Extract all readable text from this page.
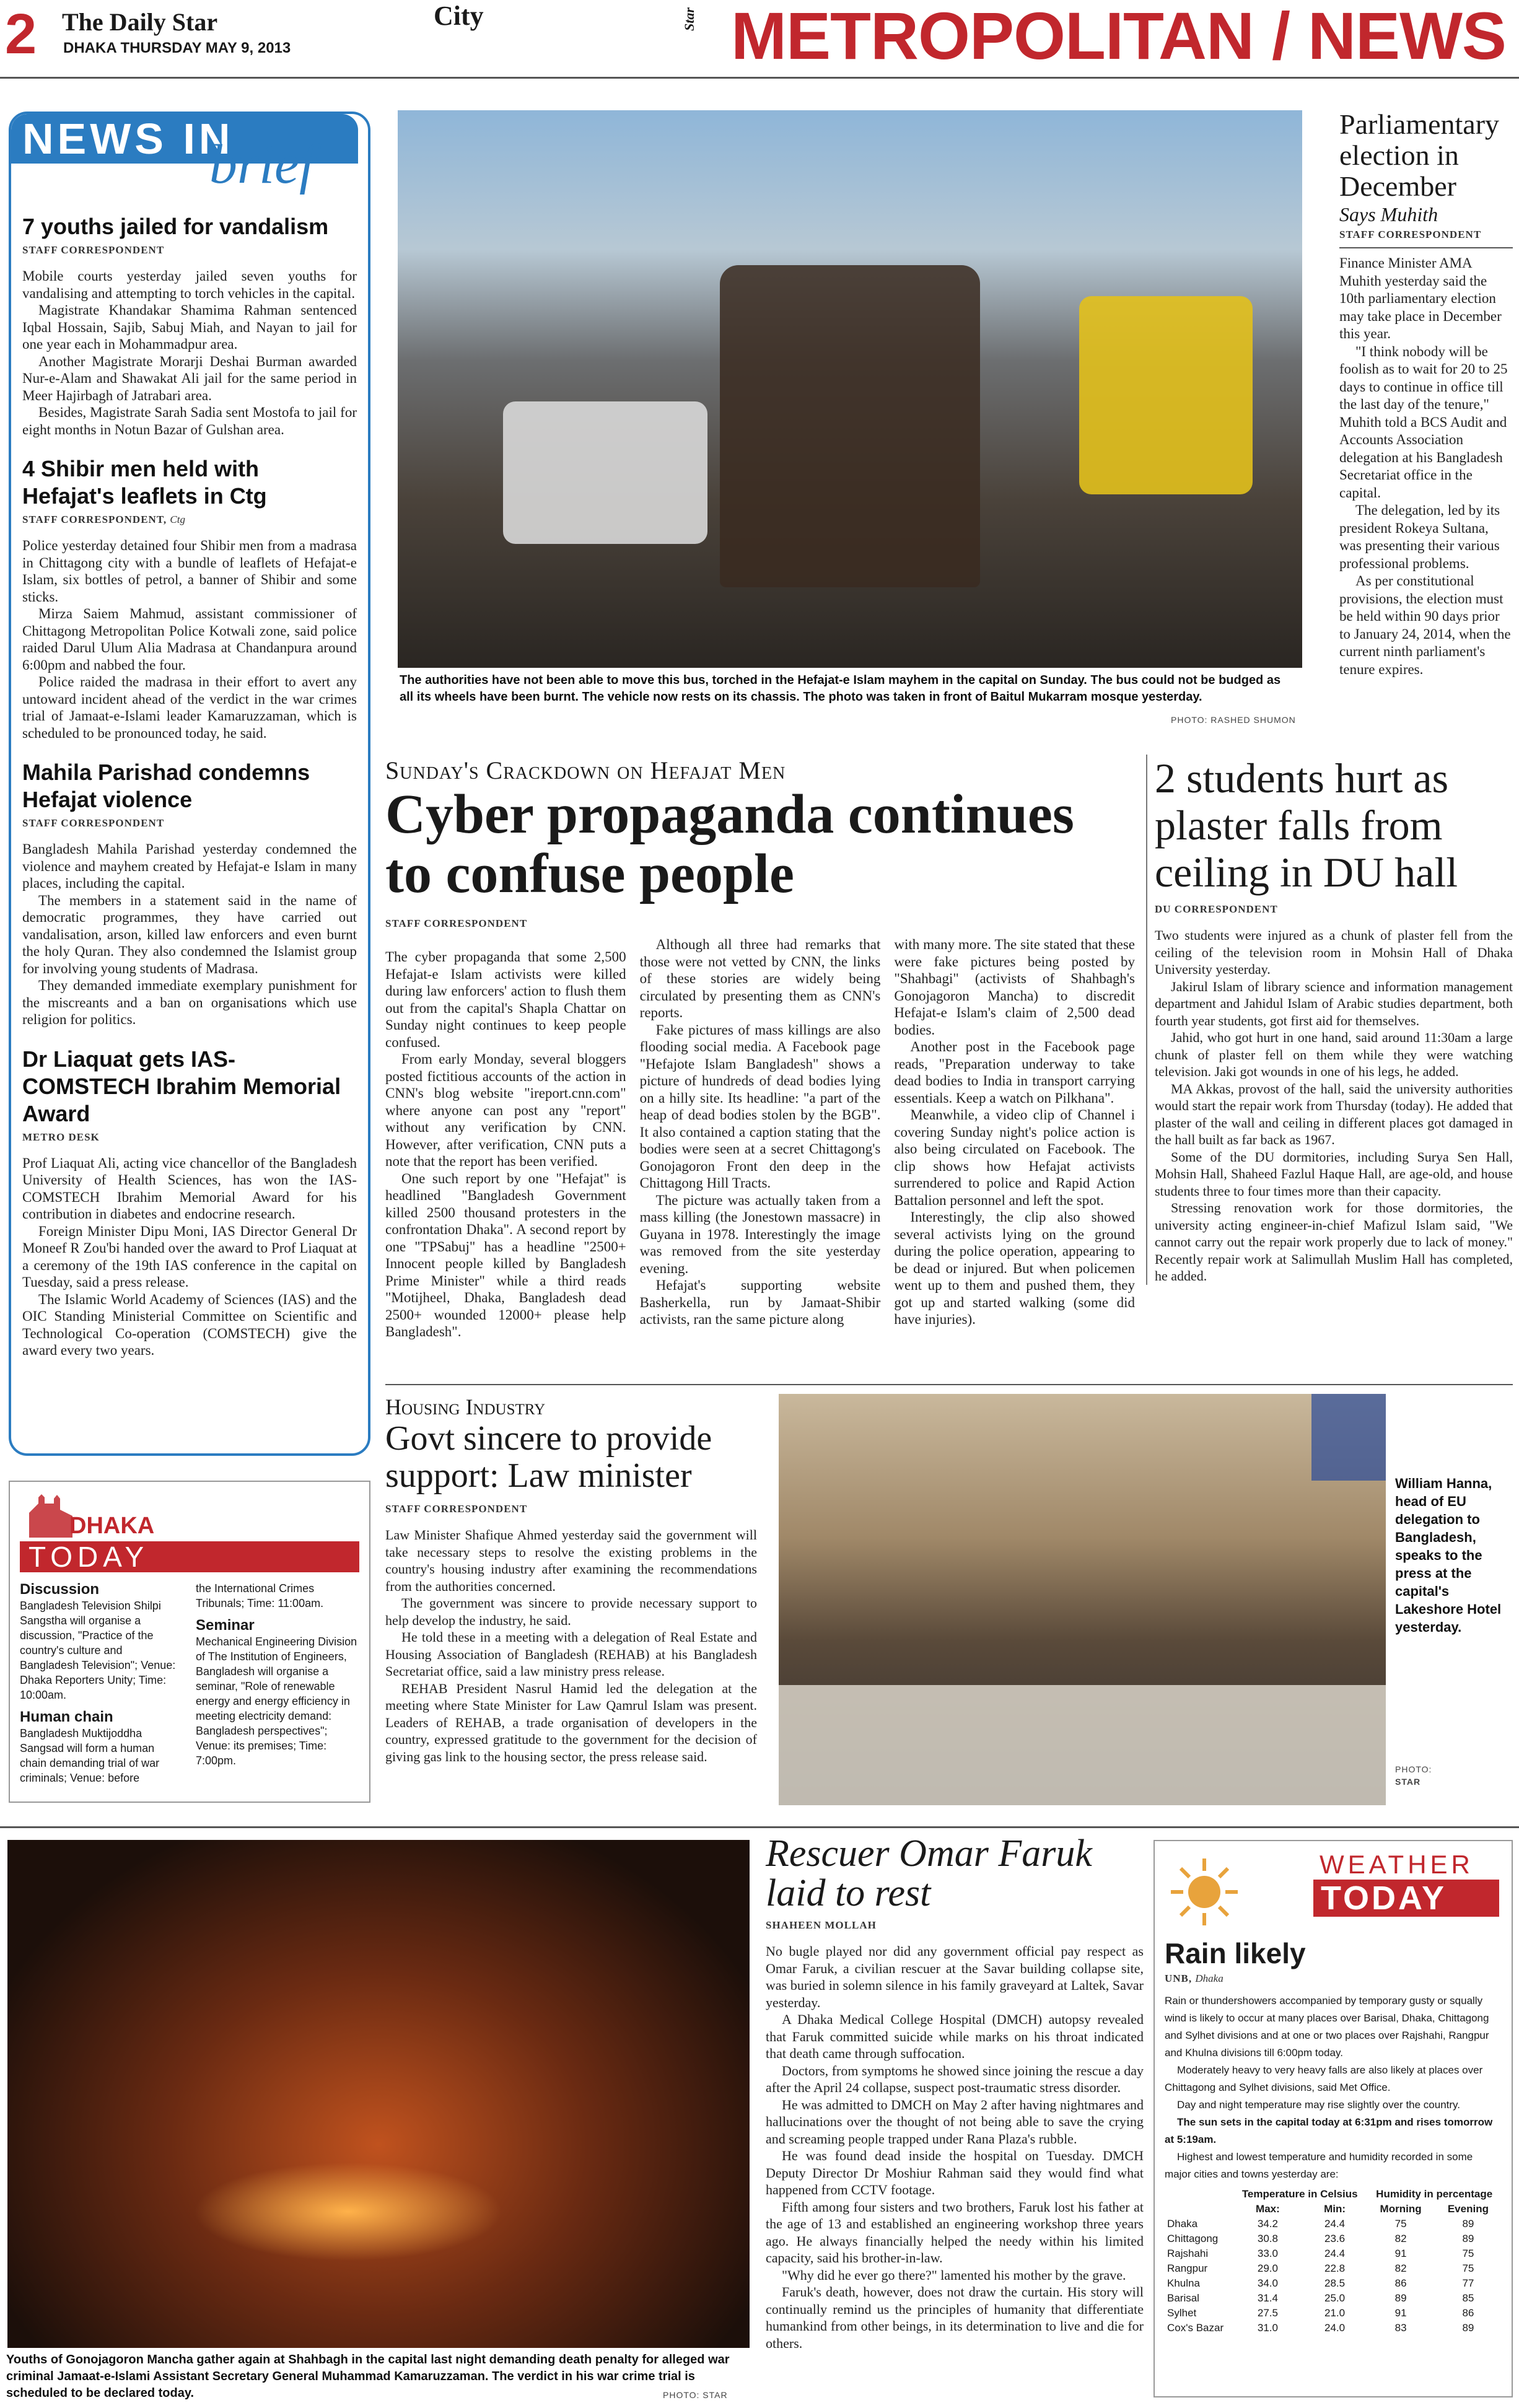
2 The Daily Star
DHAKA THURSDAY MAY 9, 2013
City	Star METROPOLITAN / NEWS
NEWS IN
brief
7 youths jailed for vandalism
STAFF CORRESPONDENT

Mobile courts yesterday jailed seven youths for vandalising and attempting to torch vehicles in the capital.

Magistrate Khandakar Shamima Rahman sentenced Iqbal Hossain, Sajib, Sabuj Miah, and Nayan to jail for one year each in Mohammadpur area.

Another Magistrate Morarji Deshai Burman awarded Nur-e-Alam and Shawakat Ali jail for the same period in Meer Hajirbagh of Jatrabari area.

Besides, Magistrate Sarah Sadia sent Mostofa to jail for eight months in Notun Bazar of Gulshan area.

4 Shibir men held with Hefajat's leaflets in Ctg
STAFF CORRESPONDENT, Ctg

Police yesterday detained four Shibir men from a madrasa in Chittagong city with a bundle of leaflets of Hefajat-e Islam, six bottles of petrol, a banner of Shibir and some sticks.

Mirza Saiem Mahmud, assistant commissioner of Chittagong Metropolitan Police Kotwali zone, said police raided Darul Ulum Alia Madrasa at Chandanpura around 6:00pm and nabbed the four.

Police raided the madrasa in their effort to avert any untoward incident ahead of the verdict in the war crimes trial of Jamaat-e-Islami leader Kamaruzzaman, which is scheduled to be pronounced today, he said.

Mahila Parishad condemns Hefajat violence
STAFF CORRESPONDENT

Bangladesh Mahila Parishad yesterday condemned the violence and mayhem created by Hefajat-e Islam in many places, including the capital.

The members in a statement said in the name of democratic programmes, they have carried out vandalisation, arson, killed law enforcers and even burnt the holy Quran. They also condemned the Islamist group for involving young students of Madrasa.

They demanded immediate exemplary punishment for the miscreants and a ban on organisations which use religion for politics.

Dr Liaquat gets IAS-COMSTECH Ibrahim Memorial Award
METRO DESK

Prof Liaquat Ali, acting vice chancellor of the Bangladesh University of Health Sciences, has won the IAS-COMSTECH Ibrahim Memorial Award for his contribution in diabetes and endocrine research.

Foreign Minister Dipu Moni, IAS Director General Dr Moneef R Zou'bi handed over the award to Prof Liaquat at a ceremony of the 19th IAS conference in the capital on Tuesday, said a press release.

The Islamic World Academy of Sciences (IAS) and the OIC Standing Ministerial Committee on Scientific and Technological Co-operation (COMSTECH) give the award every two years.

DHAKA
TODAY
Discussion
Bangladesh Television Shilpi Sangstha will organise a discussion, "Practice of the country's culture and Bangladesh Television"; Venue: Dhaka Reporters Unity; Time: 10:00am.
Human chain
Bangladesh Muktijoddha Sangsad will form a human chain demanding trial of war criminals; Venue: before
the International Crimes Tribunals; Time: 11:00am.
Seminar
Mechanical Engineering Division of The Institution of Engineers, Bangladesh will organise a seminar, "Role of renewable energy and energy efficiency in meeting electricity demand: Bangladesh perspectives"; Venue: its premises; Time: 7:00pm.
The authorities have not been able to move this bus, torched in the Hefajat-e Islam mayhem in the capital on Sunday. The bus could not be budged as all its wheels have been burnt. The vehicle now rests on its chassis. The photo was taken in front of Baitul Mukarram mosque yesterday.
PHOTO: RASHED SHUMON
Parliamentary election in December
Says Muhith
STAFF CORRESPONDENT

Finance Minister AMA Muhith yesterday said the 10th parliamentary election may take place in December this year.

"I think nobody will be foolish as to wait for 20 to 25 days to continue in office till the last day of the tenure," Muhith told a BCS Audit and Accounts Association delegation at his Bangladesh Secretariat office in the capital.

The delegation, led by its president Rokeya Sultana, was presenting their various professional problems.

As per constitutional provisions, the election must be held within 90 days prior to January 24, 2014, when the current ninth parliament's tenure expires.

Sunday's Crackdown on Hefajat Men
Cyber propaganda continues to confuse people
STAFF CORRESPONDENT

The cyber propaganda that some 2,500 Hefajat-e Islam activists were killed during law enforcers' action to flush them out from the capital's Shapla Chattar on Sunday night continues to keep people confused.

From early Monday, several bloggers posted fictitious accounts of the action in CNN's blog website "ireport.cnn.com" where anyone can post any "report" without any verification by CNN. However, after verification, CNN puts a note that the report has been verified.

One such report by one "Hefajat" is headlined "Bangladesh Government killed 2500 thousand protesters in the confrontation Dhaka". A second report by one "TPSabuj" has a headline "2500+ Innocent people killed by Bangladesh Prime Minister" while a third reads "Motijheel, Dhaka, Bangladesh dead 2500+ wounded 12000+ please help Bangladesh".

Although all three had remarks that those were not vetted by CNN, the links of these stories are widely being circulated by presenting them as CNN's reports.

Fake pictures of mass killings are also flooding social media. A Facebook page "Hefajote Islam Bangladesh" shows a picture of hundreds of dead bodies lying on a hilly site. Its headline: "a part of the heap of dead bodies stolen by the BGB". It also contained a caption stating that the bodies were seen at a secret Chittagong's Gonojagoron Front den deep in the Chittagong Hill Tracts.

The picture was actually taken from a mass killing (the Jonestown massacre) in Guyana in 1978. Interestingly the image was removed from the site yesterday evening.

Hefajat's supporting website Basherkella, run by Jamaat-Shibir activists, ran the same picture along

with many more. The site stated that these were fake pictures being posted by "Shahbagi" (activists of Shahbagh's Gonojagoron Mancha) to discredit Hefajat-e Islam's claim of 2,500 dead bodies.

Another post in the Facebook page reads, "Preparation underway to take dead bodies to India in transport carrying essentials. Keep a watch on Pilkhana".

Meanwhile, a video clip of Channel i covering Sunday night's police action is also being circulated on Facebook. The clip shows how Hefajat activists surrendered to police and Rapid Action Battalion personnel and left the spot.

Interestingly, the clip also showed several activists lying on the ground during the police operation, appearing to be dead or injured. But when policemen went up to them and pushed them, they got up and started walking (some did have injuries).

2 students hurt as plaster falls from ceiling in DU hall
DU CORRESPONDENT

Two students were injured as a chunk of plaster fell from the ceiling of the television room in Mohsin Hall of Dhaka University yesterday.

Jakirul Islam of library science and information management department and Jahidul Islam of Arabic studies department, both fourth year students, got first aid for themselves.

Jahid, who got hurt in one hand, said around 11:30am a large chunk of plaster fell on them while they were watching television. Jaki got wounds in one of his legs, he added.

MA Akkas, provost of the hall, said the university authorities would start the repair work from Thursday (today). He added that plaster of the wall and ceiling in different places got damaged in the hall built as far back as 1967.

Some of the DU dormitories, including Surya Sen Hall, Mohsin Hall, Shaheed Fazlul Haque Hall, are age-old, and house students three to four times more than their capacity.

Stressing renovation work for those dormitories, the university acting engineer-in-chief Mafizul Islam said, "We cannot carry out the repair work properly due to lack of money." Recently repair work at Salimullah Muslim Hall has completed, he added.

Housing Industry
Govt sincere to provide support: Law minister
STAFF CORRESPONDENT

Law Minister Shafique Ahmed yesterday said the government will take necessary steps to resolve the existing problems in the country's housing industry after examining the recommendations from the authorities concerned.

The government was sincere to provide necessary support to help develop the industry, he said.

He told these in a meeting with a delegation of Real Estate and Housing Association of Bangladesh (REHAB) at his Bangladesh Secretariat office, said a law ministry press release.

REHAB President Nasrul Hamid led the delegation at the meeting where State Minister for Law Qamrul Islam was present. Leaders of REHAB, a trade organisation of developers in the country, expressed gratitude to the government for the decision of giving gas link to the housing sector, the press release said.

William Hanna, head of EU delegation to Bangladesh, speaks to the press at the capital's Lakeshore Hotel yesterday.
PHOTO:
STAR
Youths of Gonojagoron Mancha gather again at Shahbagh in the capital last night demanding death penalty for alleged war criminal Jamaat-e-Islami Assistant Secretary General Muhammad Kamaruzzaman. The verdict in his war crime trial is scheduled to be declared today.	PHOTO: STAR
Rescuer Omar Faruk laid to rest
SHAHEEN MOLLAH

No bugle played nor did any government official pay respect as Omar Faruk, a civilian rescuer at the Savar building collapse site, was buried in solemn silence in his family graveyard at Laltek, Savar yesterday.

A Dhaka Medical College Hospital (DMCH) autopsy revealed that Faruk committed suicide while marks on his throat indicated that death came through suffocation.

Doctors, from symptoms he showed since joining the rescue a day after the April 24 collapse, suspect post-traumatic stress disorder.

He was admitted to DMCH on May 2 after having nightmares and hallucinations over the thought of not being able to save the crying and screaming people trapped under Rana Plaza's rubble.

He was found dead inside the hospital on Tuesday. DMCH Deputy Director Dr Moshiur Rahman said they would find what happened from CCTV footage.

Fifth among four sisters and two brothers, Faruk lost his father at the age of 13 and established an engineering workshop three years ago. He always financially helped the needy within his limited capacity, said his brother-in-law.

"Why did he ever go there?" lamented his mother by the grave.

Faruk's death, however, does not draw the curtain. His story will continually remind us the principles of humanity that differentiate humankind from other beings, in its determination to live and die for others.

WEATHER
TODAY
Rain likely
UNB, Dhaka

Rain or thundershowers accompanied by temporary gusty or squally wind is likely to occur at many places over Barisal, Dhaka, Chittagong and Sylhet divisions and at one or two places over Rajshahi, Rangpur and Khulna divisions till 6:00pm today.

Moderately heavy to very heavy falls are also likely at places over Chittagong and Sylhet divisions, said Met Office.

Day and night temperature may rise slightly over the country.

The sun sets in the capital today at 6:31pm and rises tomorrow at 5:19am.

Highest and lowest temperature and humidity recorded in some major cities and towns yesterday are:

	Temperature in Celsius		Humidity in percentage	
	Max:	Min:	Morning	Evening
Dhaka	34.2	24.4	75	89
Chittagong	30.8	23.6	82	89
Rajshahi	33.0	24.4	91	75
Rangpur	29.0	22.8	82	75
Khulna	34.0	28.5	86	77
Barisal	31.4	25.0	89	85
Sylhet	27.5	21.0	91	86
Cox's Bazar	31.0	24.0	83	89
